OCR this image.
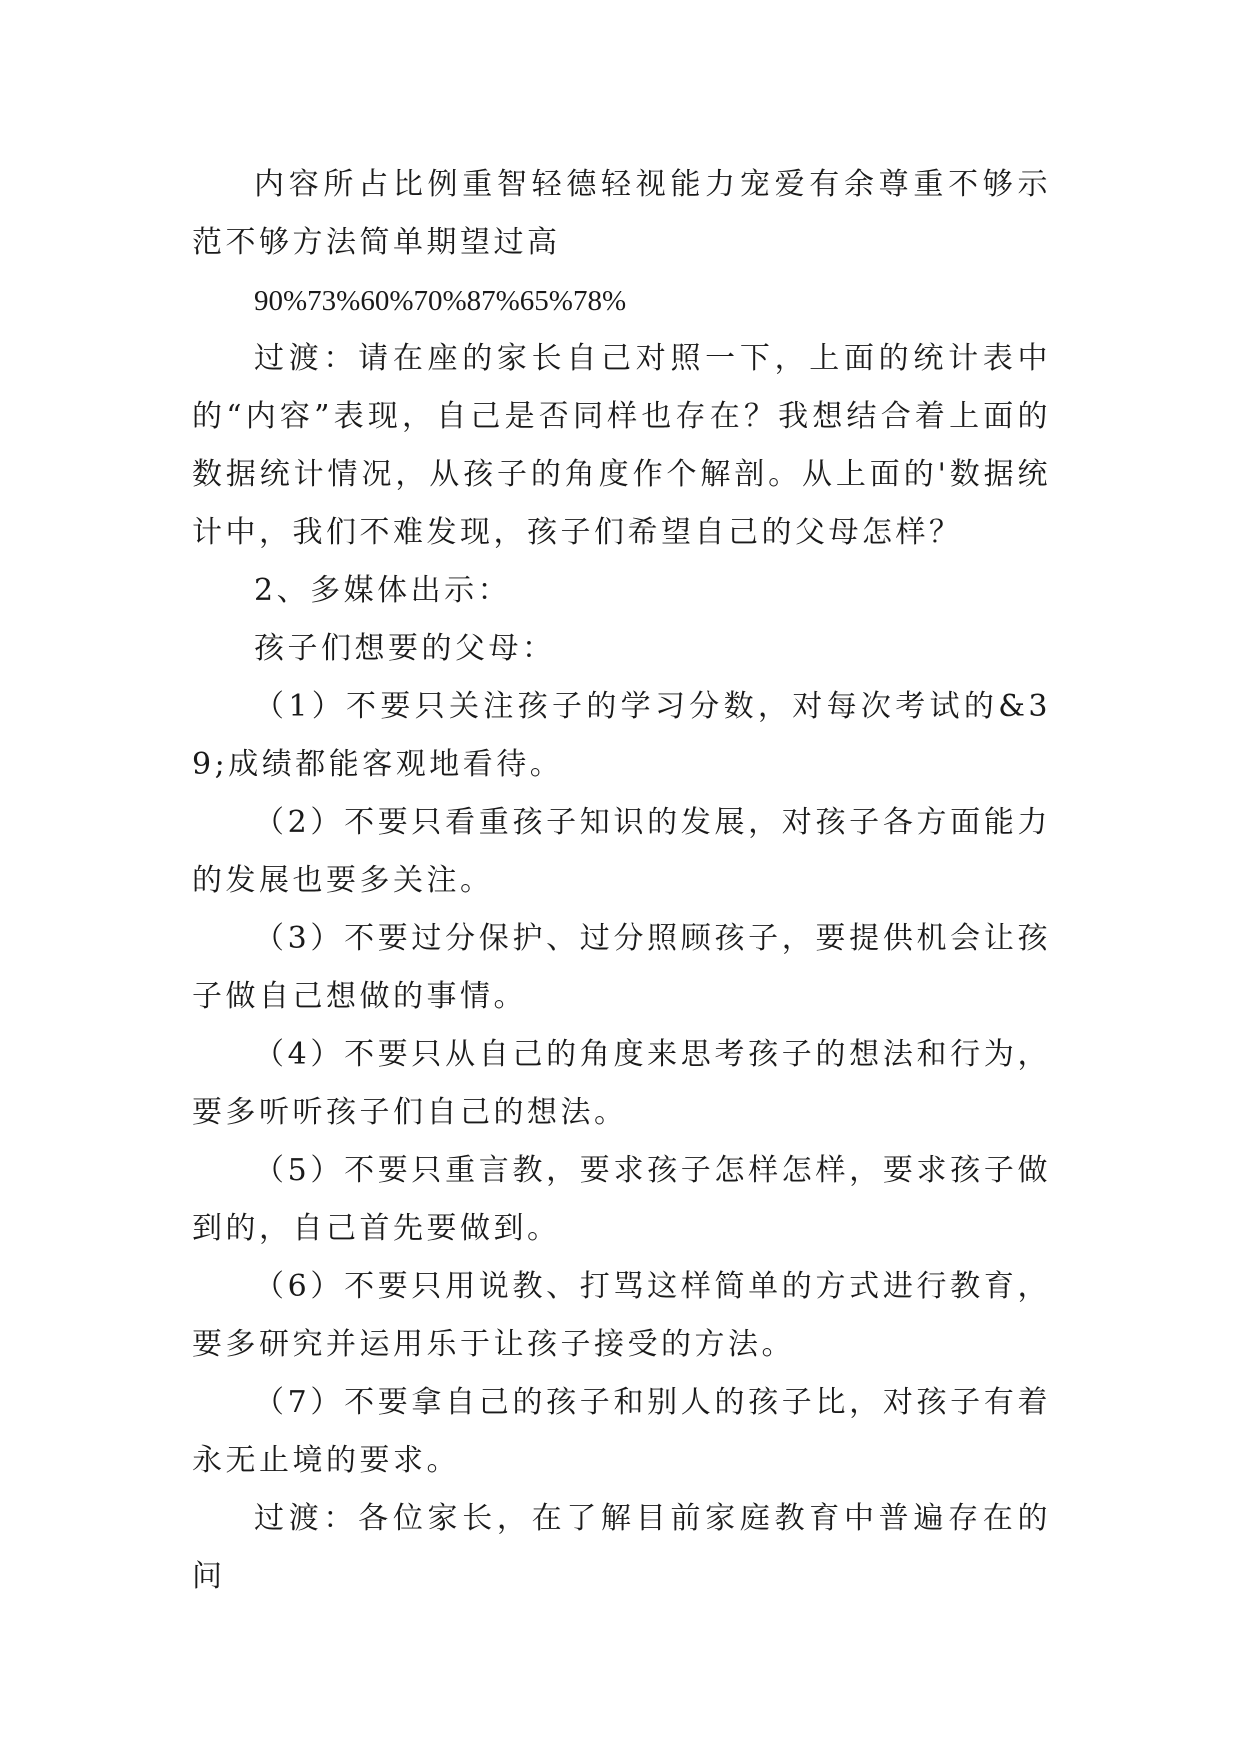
内容所占比例重智轻德轻视能力宠爱有余尊重不够示范不够方法简单期望过高

90%73%60%70%87%65%78%

过渡：请在座的家长自己对照一下，上面的统计表中的“内容”表现，自己是否同样也存在？我想结合着上面的数据统计情况，从孩子的角度作个解剖。从上面的'数据统计中，我们不难发现，孩子们希望自己的父母怎样？

2、多媒体出示：

孩子们想要的父母：

（1）不要只关注孩子的学习分数，对每次考试的&39;成绩都能客观地看待。

（2）不要只看重孩子知识的发展，对孩子各方面能力的发展也要多关注。

（3）不要过分保护、过分照顾孩子，要提供机会让孩子做自己想做的事情。

（4）不要只从自己的角度来思考孩子的想法和行为，要多听听孩子们自己的想法。

（5）不要只重言教，要求孩子怎样怎样，要求孩子做到的，自己首先要做到。

（6）不要只用说教、打骂这样简单的方式进行教育，要多研究并运用乐于让孩子接受的方法。

（7）不要拿自己的孩子和别人的孩子比，对孩子有着永无止境的要求。

过渡：各位家长，在了解目前家庭教育中普遍存在的问
